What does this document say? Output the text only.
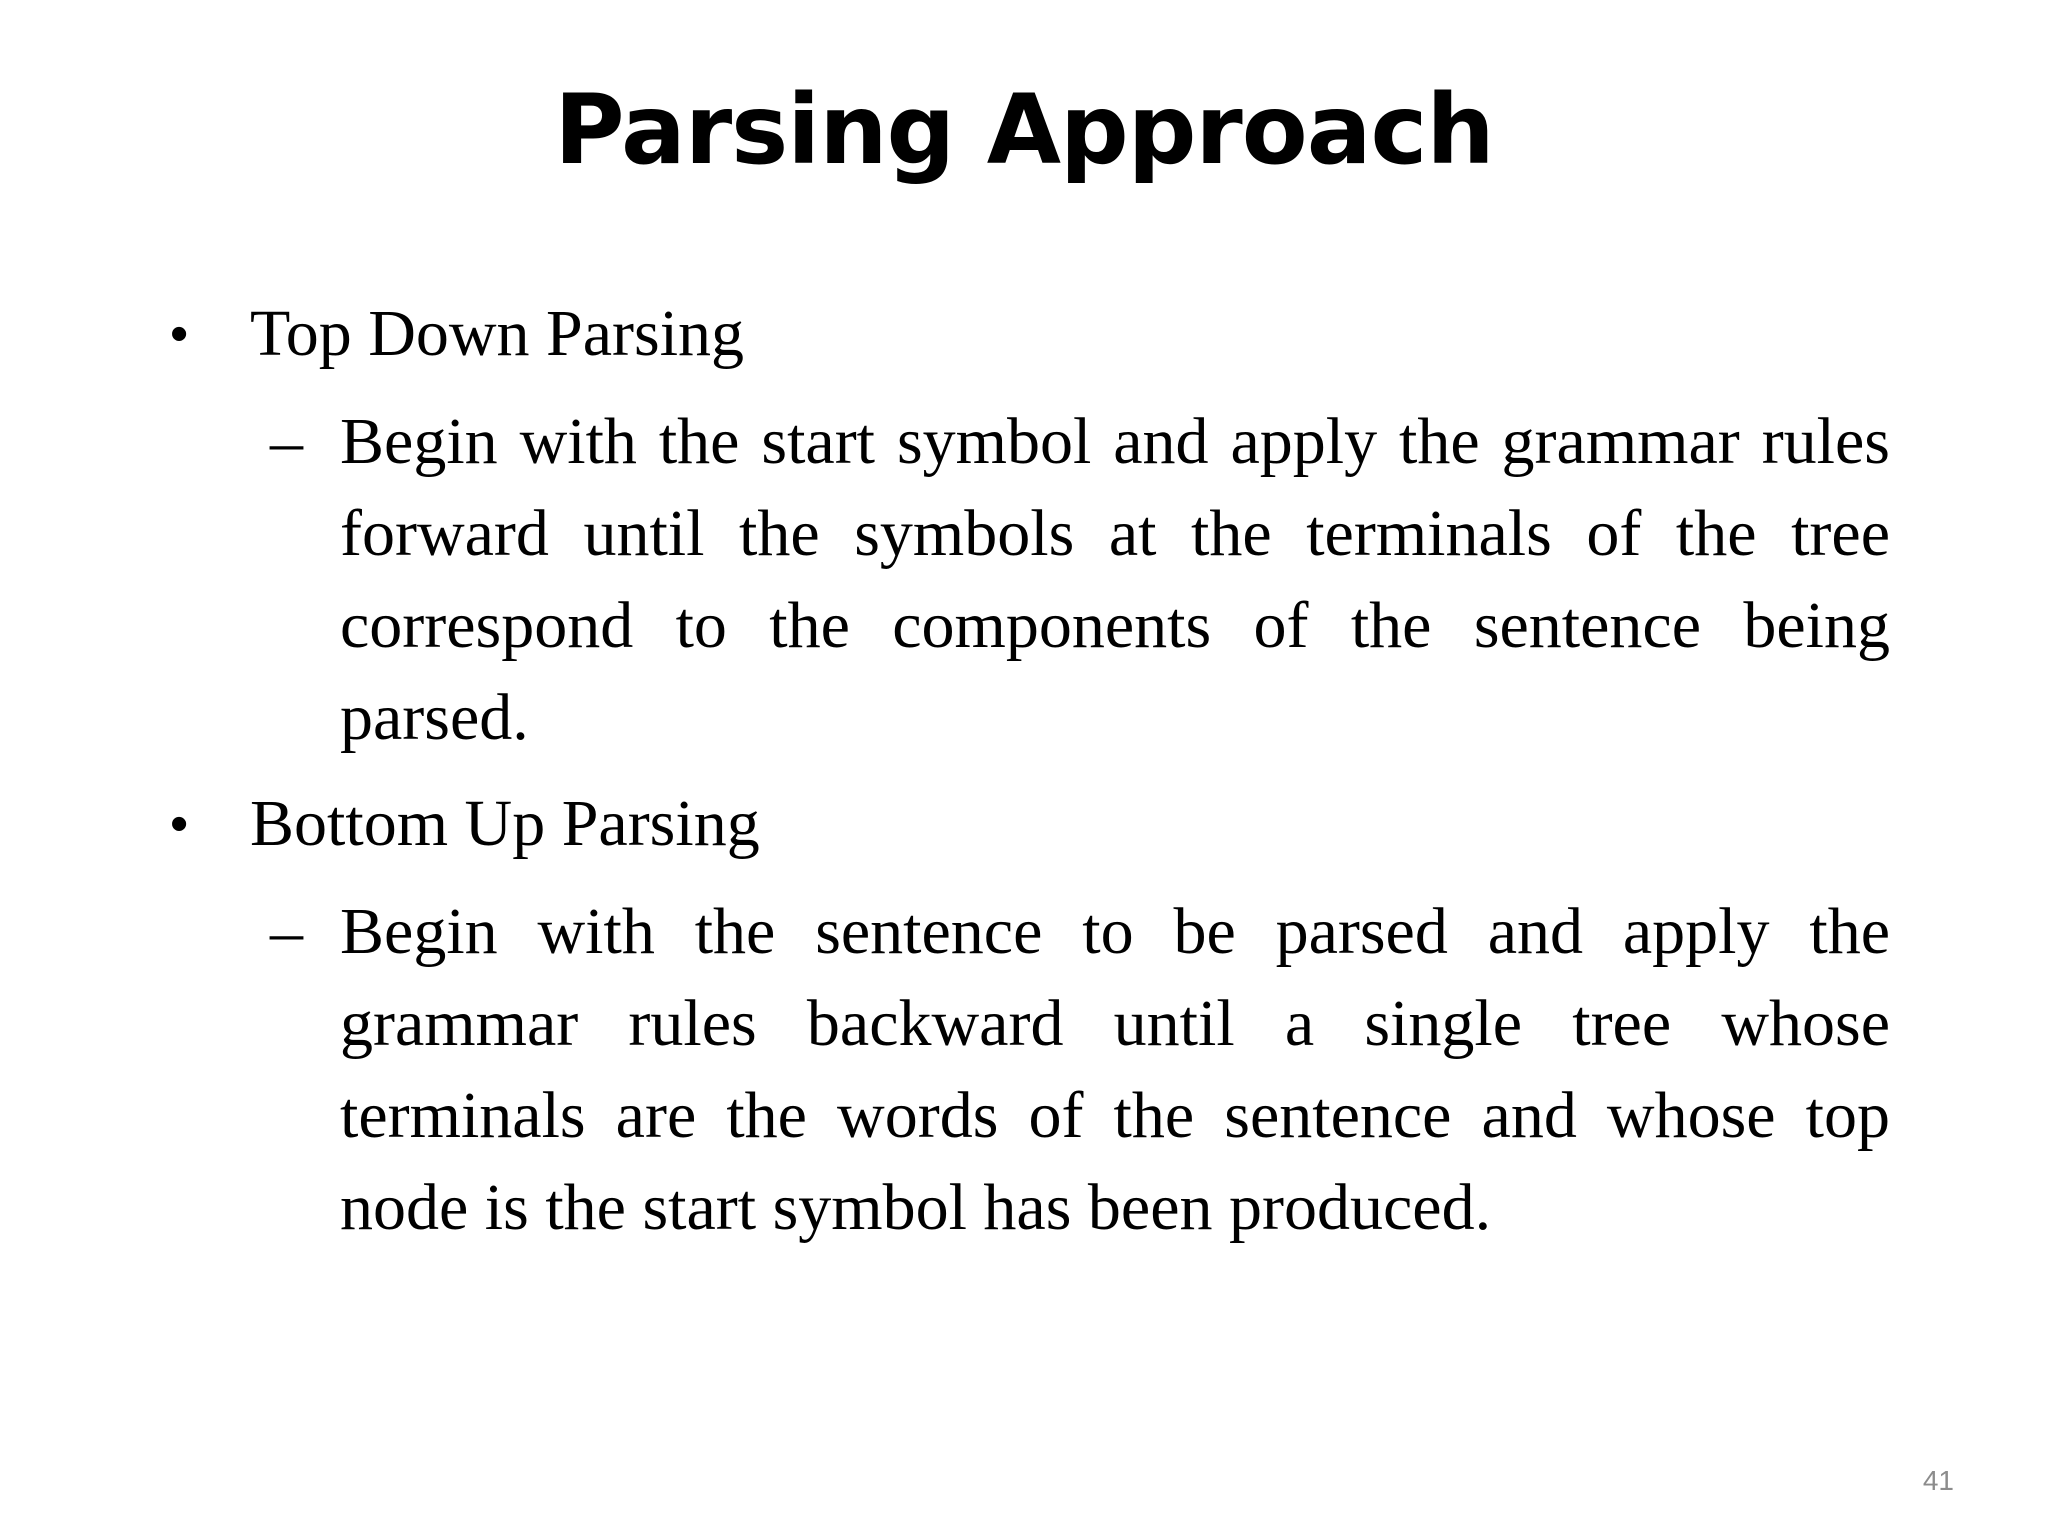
Parsing Approach
• Top Down Parsing
– Begin with the start symbol and apply the grammar rules forward until the symbols at the terminals of the tree correspond to the components of the sentence being parsed.
• Bottom Up Parsing
– Begin with the sentence to be parsed and apply the grammar rules backward until a single tree whose terminals are the words of the sentence and whose top node is the start symbol has been produced.
41
